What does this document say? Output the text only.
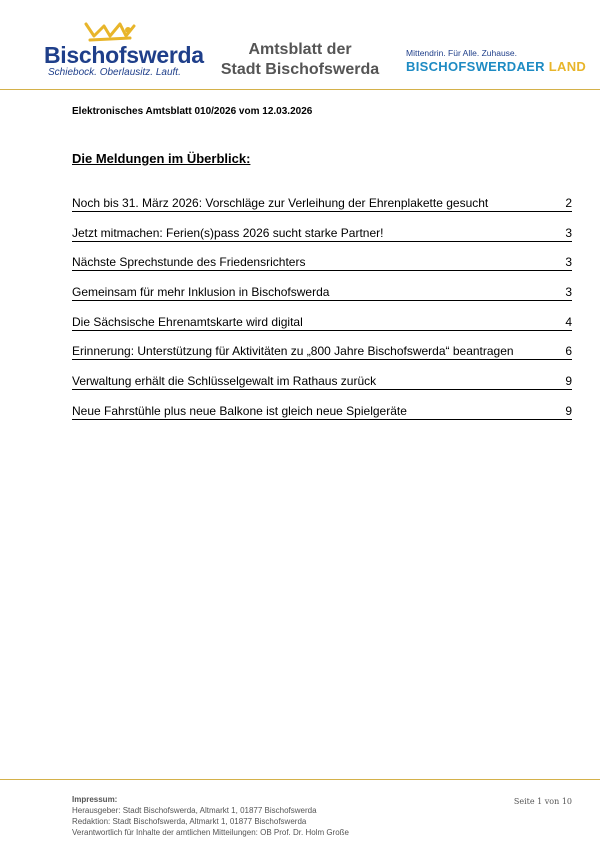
Bischofswerda
Schiebock. Oberlausitz. Lauft.
Amtsblatt der
Stadt Bischofswerda
Mittendrin. Für Alle. Zuhause.
BISCHOFSWERDAER LAND
Elektronisches Amtsblatt 010/2026 vom 12.03.2026
Die Meldungen im Überblick:
Noch bis 31. März 2026: Vorschläge zur Verleihung der Ehrenplakette gesucht	2
Jetzt mitmachen: Ferien(s)pass 2026 sucht starke Partner!	3
Nächste Sprechstunde des Friedensrichters	3
Gemeinsam für mehr Inklusion in Bischofswerda	3
Die Sächsische Ehrenamtskarte wird digital	4
Erinnerung: Unterstützung für Aktivitäten zu „800 Jahre Bischofswerda“ beantragen	6
Verwaltung erhält die Schlüsselgewalt im Rathaus zurück	9
Neue Fahrstühle plus neue Balkone ist gleich neue Spielgeräte	9
Impressum:
Herausgeber: Stadt Bischofswerda, Altmarkt 1, 01877 Bischofswerda
Redaktion: Stadt Bischofswerda, Altmarkt 1, 01877 Bischofswerda
Verantwortlich für Inhalte der amtlichen Mitteilungen: OB Prof. Dr. Holm Große
Seite 1 von 10
